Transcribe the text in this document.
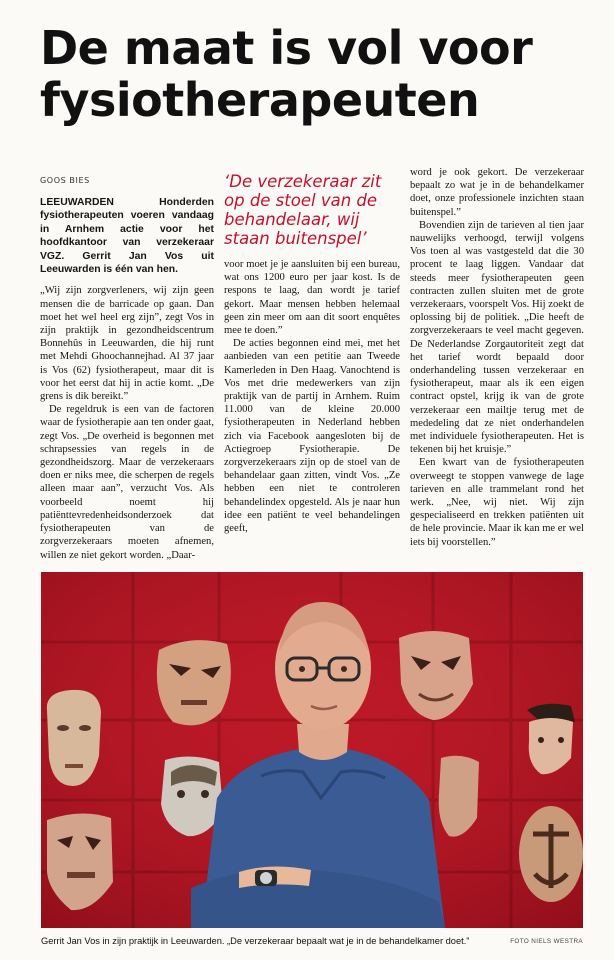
De maat is vol voor fysiotherapeuten
GOOS BIES

LEEUWARDEN Honderden fysiotherapeuten voeren vandaag in Arnhem actie voor het hoofdkantoor van verzekeraar VGZ. Gerrit Jan Vos uit Leeuwarden is één van hen.

„Wij zijn zorgverleners, wij zijn geen mensen die de barricade op gaan. Dan moet het wel heel erg zijn”, zegt Vos in zijn praktijk in gezondheidscentrum Bonnehûs in Leeuwarden, die hij runt met Mehdi Ghoochannejhad. Al 37 jaar is Vos (62) fysiotherapeut, maar dit is voor het eerst dat hij in actie komt. „De grens is dik bereikt.”

De regeldruk is een van de factoren waar de fysiotherapie aan ten onder gaat, zegt Vos. „De overheid is begonnen met schrapsessies van regels in de gezondheidszorg. Maar de verzekeraars doen er niks mee, die scherpen de regels alleen maar aan”, verzucht Vos. Als voorbeeld noemt hij patiënttevredenheidsonderzoek dat fysiotherapeuten van de zorgverzekeraars moeten afnemen, willen ze niet gekort worden. „Daar-

‘De verzekeraar zit op de stoel van de behandelaar, wij staan buitenspel’

voor moet je je aansluiten bij een bureau, wat ons 1200 euro per jaar kost. Is de respons te laag, dan wordt je tarief gekort. Maar mensen hebben helemaal geen zin meer om aan dit soort enquêtes mee te doen.”

De acties begonnen eind mei, met het aanbieden van een petitie aan Tweede Kamerleden in Den Haag. Vanochtend is Vos met drie medewerkers van zijn praktijk van de partij in Arnhem. Ruim 11.000 van de kleine 20.000 fysiotherapeuten in Nederland hebben zich via Facebook aangesloten bij de Actiegroep Fysiotherapie. De zorgverzekeraars zijn op de stoel van de behandelaar gaan zitten, vindt Vos. „Ze hebben een niet te controleren behandelindex opgesteld. Als je naar hun idee een patiënt te veel behandelingen geeft,

word je ook gekort. De verzekeraar bepaalt zo wat je in de behandelkamer doet, onze professionele inzichten staan buitenspel.”

Bovendien zijn de tarieven al tien jaar nauwelijks verhoogd, terwijl volgens Vos toen al was vastgesteld dat die 30 procent te laag liggen. Vandaar dat steeds meer fysiotherapeuten geen contracten zullen sluiten met de grote verzekeraars, voorspelt Vos. Hij zoekt de oplossing bij de politiek. „Die heeft de zorgverzekeraars te veel macht gegeven. De Nederlandse Zorgautoriteit zegt dat het tarief wordt bepaald door onderhandeling tussen verzekeraar en fysiotherapeut, maar als ik een eigen contract opstel, krijg ik van de grote verzekeraar een mailtje terug met de mededeling dat ze niet onderhandelen met individuele fysiotherapeuten. Het is tekenen bij het kruisje.”

Een kwart van de fysiotherapeuten overweegt te stoppen vanwege de lage tarieven en alle trammelant rond het werk. „Nee, wij niet. Wij zijn gespecialiseerd en trekken patiënten uit de hele provincie. Maar ik kan me er wel iets bij voorstellen.”

Gerrit Jan Vos in zijn praktijk in Leeuwarden. „De verzekeraar bepaalt wat je in de behandelkamer doet.”	FOTO NIELS WESTRA
